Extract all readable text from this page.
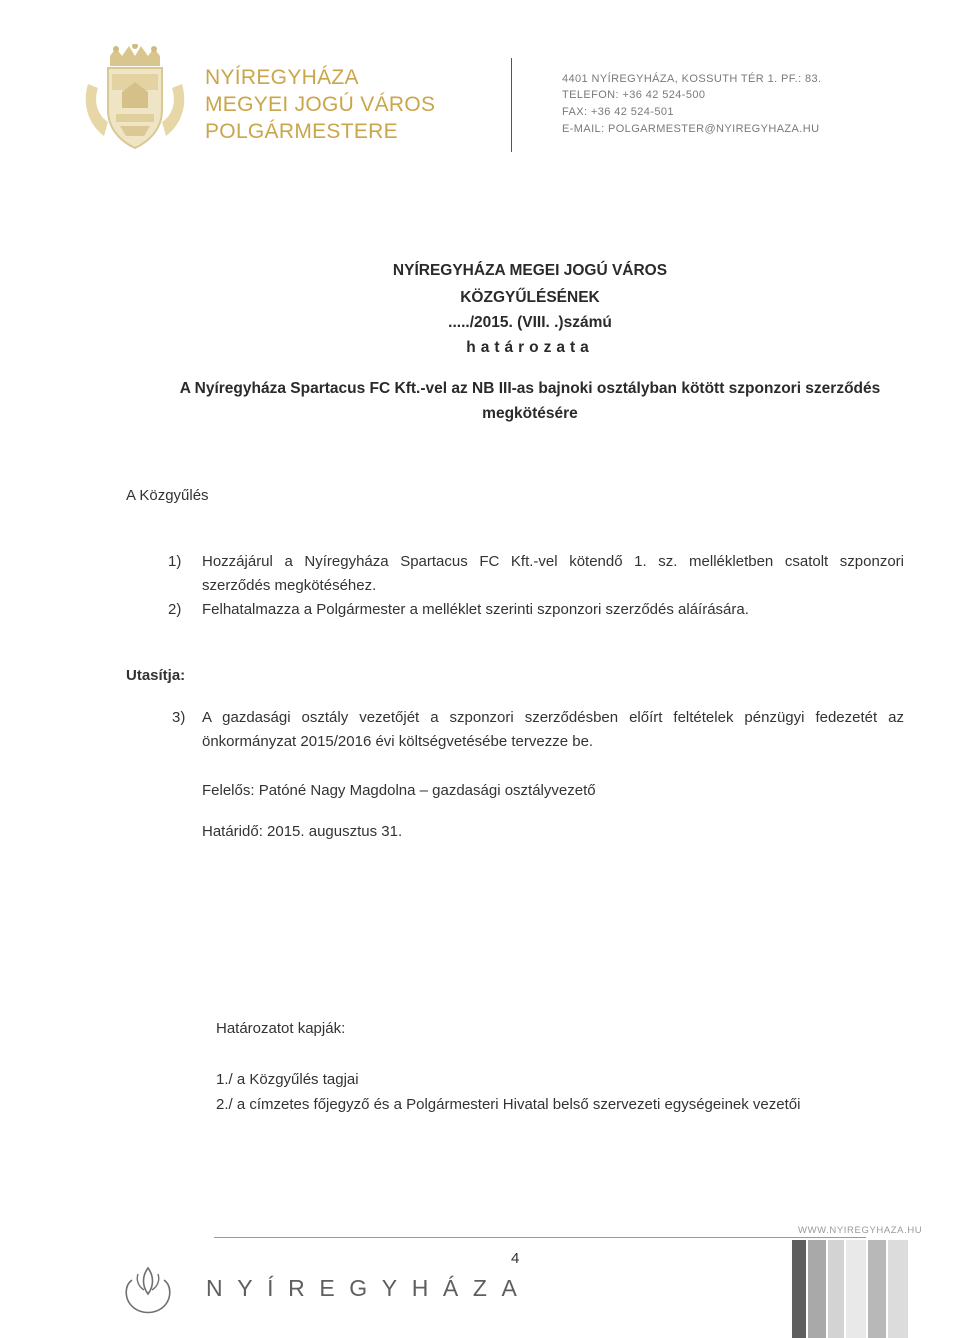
NYÍREGYHÁZA
MEGYEI JOGÚ VÁROS
POLGÁRMESTERE
4401 NYÍREGYHÁZA, KOSSUTH TÉR 1. PF.: 83.
TELEFON: +36 42 524-500
FAX: +36 42 524-501
E-MAIL: POLGARMESTER@NYIREGYHAZA.HU
NYÍREGYHÁZA MEGEI JOGÚ VÁROS
KÖZGYŰLÉSÉNEK
...../2015. (VIII. .)számú
határozata
A Nyíregyháza Spartacus FC Kft.-vel az NB III-as bajnoki osztályban kötött szponzori szerződés
megkötésére
A Közgyűlés
1) Hozzájárul a Nyíregyháza Spartacus FC Kft.-vel kötendő 1. sz. mellékletben csatolt szponzori
szerződés megkötéséhez.
2) Felhatalmazza a Polgármester a melléklet szerinti szponzori szerződés aláírására.
Utasítja:
3) A gazdasági osztály vezetőjét a szponzori szerződésben előírt feltételek pénzügyi fedezetét az
önkormányzat 2015/2016 évi költségvetésébe tervezze be.
Felelős: Patóné Nagy Magdolna – gazdasági osztályvezető
Határidő: 2015. augusztus 31.
Határozatot kapják:
1./ a Közgyűlés tagjai
2./ a címzetes főjegyző és a Polgármesteri Hivatal belső szervezeti egységeinek vezetői
WWW.NYIREGYHAZA.HU
NYÍREGYHÁZA
4
